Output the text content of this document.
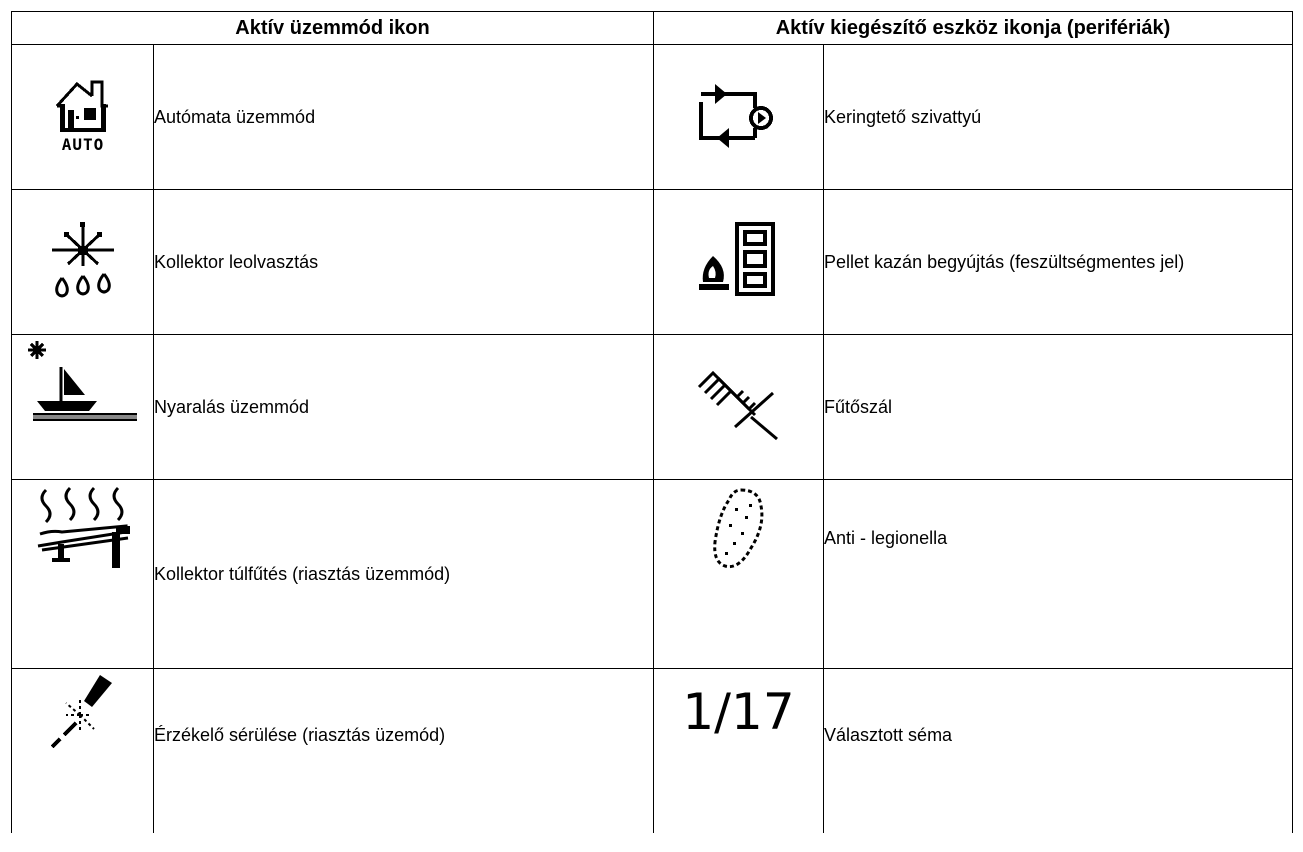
Aktív üzemmód ikon		Aktív kiegészítő eszköz ikonja (perifériák)	

AUTO	Autómata üzemmód		Keringtető szivattyú
	Kollektor leolvasztás		Pellet kazán begyújtás (feszültségmentes jel)
	Nyaralás üzemmód		Fűtőszál
	Kollektor túlfűtés (riasztás üzemmód)		Anti - legionella
	Érzékelő sérülése (riasztás üzemód)	1/17	Választott séma
